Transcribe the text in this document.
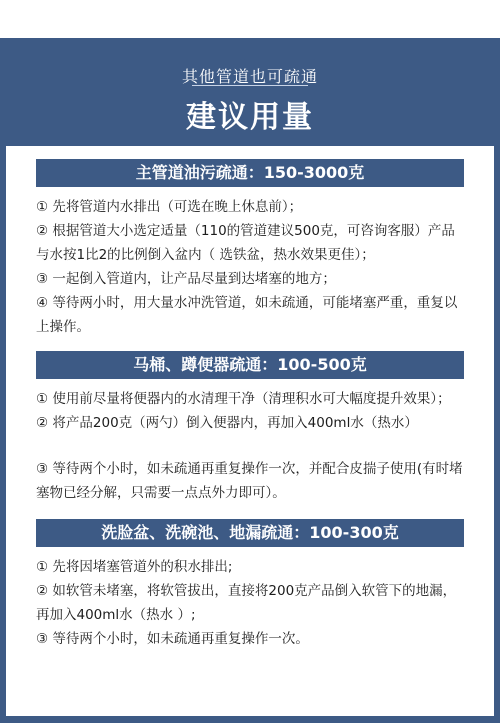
其他管道也可疏通
建议用量
主管道油污疏通：150-3000克

① 先将管道内水排出（可选在晚上休息前）；

② 根据管道大小选定适量（110的管道建议500克，可咨询客服）产品与水按1比2的比例倒入盆内（ 选铁盆，热水效果更佳）；

③ 一起倒入管道内，让产品尽量到达堵塞的地方；

④ 等待两小时，用大量水冲洗管道，如未疏通，可能堵塞严重，重复以上操作。

马桶、蹲便器疏通：100-500克

① 使用前尽量将便器内的水清理干净（清理积水可大幅度提升效果）；

② 将产品200克（两勺）倒入便器内，再加入400ml水（热水）

③ 等待两个小时，如未疏通再重复操作一次，并配合皮揣子使用(有时堵塞物已经分解，只需要一点点外力即可）。

洗脸盆、洗碗池、地漏疏通：100-300克

① 先将因堵塞管道外的积水排出;

② 如软管未堵塞，将软管拔出，直接将200克产品倒入软管下的地漏，再加入400ml水（热水 ）;

③ 等待两个小时，如未疏通再重复操作一次。
